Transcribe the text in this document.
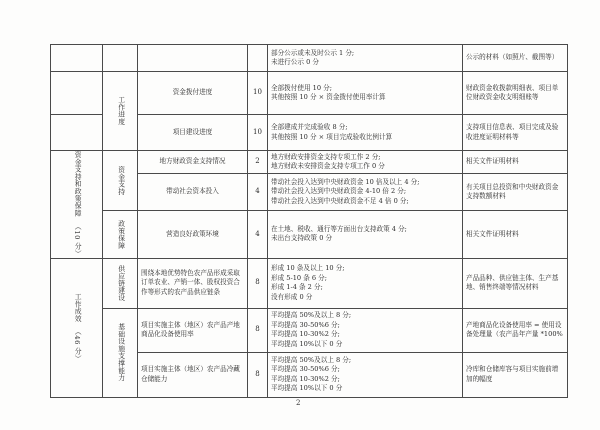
				部分公示或未及时公示 1 分;
未进行公示 0 分	公示的材料（如照片、截图等）
	工作进度	资金拨付进度	10	全部拨付使用 10 分;
其他按照 10 分 × 资金拨付使用率计算	财政资金收拨款明细表、项目单位财政资金收支明细账等
		项目建设进度	10	全部建成并完成验收 8 分;
其他按照 10 分 × 项目完成验收比例计算	支持项目信息表、项目完成及验收进度证明材料等
资金支持和政策保障 （10 分）	资金支持	地方财政资金支持情况	2	地方财政安排资金支持专项工作 2 分;
地方财政未安排资金支持专项工作 0 分	相关文件证明材料
		带动社会资本投入	4	带动社会投入达到中央财政资金 10 倍及以上 4 分;
带动社会投入达到中央财政资金 4-10 倍 2 分;
带动社会投入达到中央财政资金不足 4 倍 0 分;	有关项目总投资和中央财政资金支持数额材料
	政策保障	营造良好政策环境	4	在土地、税收、通行等方面出台支持政策 4 分;
未出台支持政策 0 分	相关文件证明材料
工作成效 （46 分）	供应链建设	围绕本地优势特色农产品形成采取订单农业、产销一体、股权投资合作等形式的农产品供应链条	8	形成 10 条及以上 10 分;
形成 5-10 条 6 分;
形成 1-4 条 2 分;
没有形成 0 分	产品品种、供应链主体、生产基地、销售终端等情况材料
	基础设施支撑能力	项目实施主体（地区）农产品产地商品化设备使用率	8	平均提高 50%及以上 8 分;
平均提高 30-50%6 分;
平均提高 10-30%2 分;
平均提高 10%以下 0 分	产地商品化设备使用率 = 使用设备处理量（农产品年产量 *100%
		项目实施主体（地区）农产品冷藏仓储能力	8	平均提高 50%及以上 8 分;
平均提高 30-50%6 分;
平均提高 10-30%2 分;
平均提高 10%以下 0 分	冷库和仓储库容与项目实施前增加的幅度
2
